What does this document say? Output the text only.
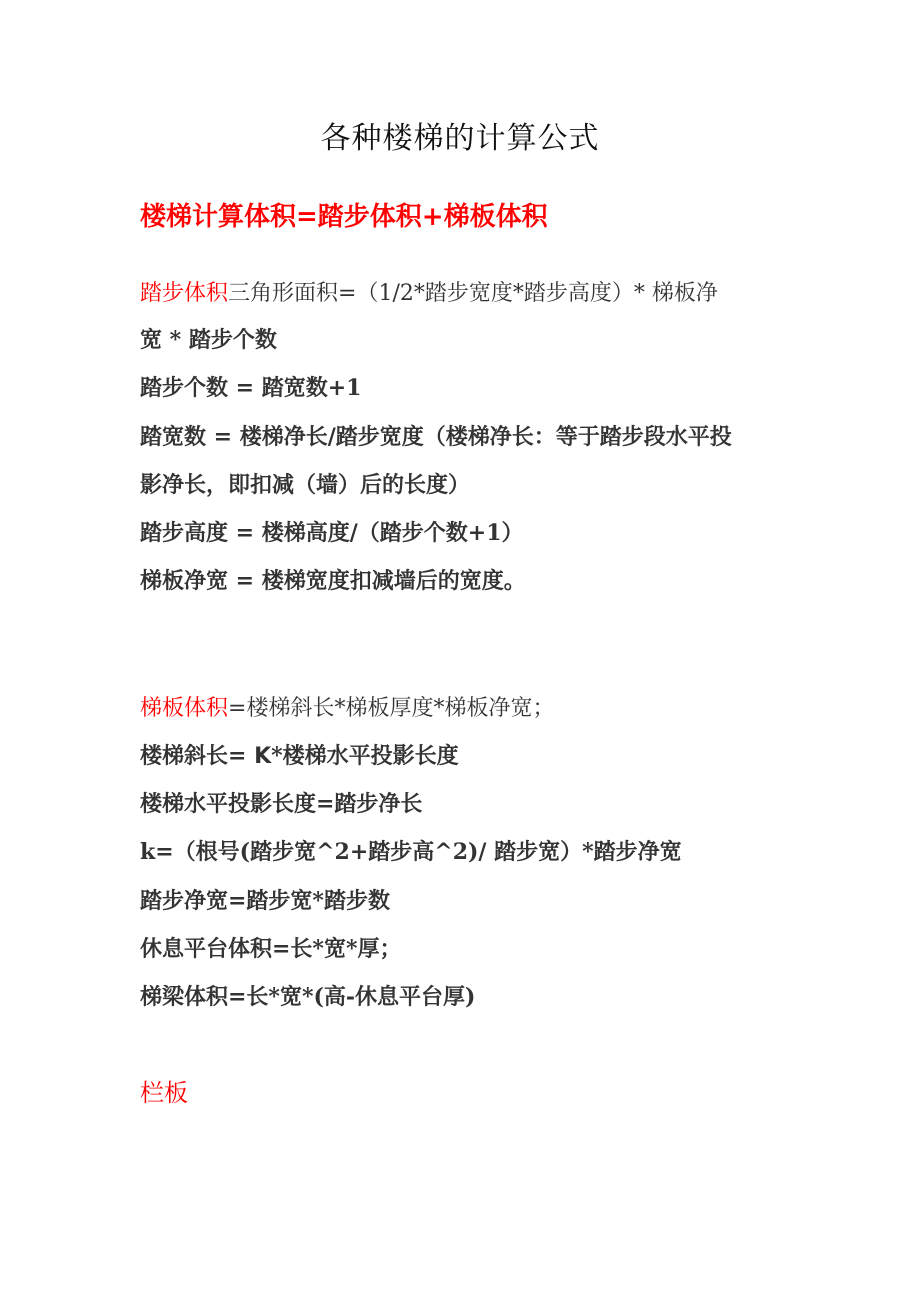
各种楼梯的计算公式
楼梯计算体积=踏步体积+梯板体积
踏步体积三角形面积=（1/2*踏步宽度*踏步高度）* 梯板净
宽 * 踏步个数
踏步个数 = 踏宽数+1
踏宽数 = 楼梯净长/踏步宽度（楼梯净长：等于踏步段水平投
影净长，即扣减（墙）后的长度）
踏步高度 = 楼梯高度/（踏步个数+1）
梯板净宽 = 楼梯宽度扣减墙后的宽度。
梯板体积=楼梯斜长*梯板厚度*梯板净宽；
楼梯斜长= K*楼梯水平投影长度
楼梯水平投影长度=踏步净长
k=（根号(踏步宽^2+踏步高^2)/ 踏步宽）*踏步净宽
踏步净宽=踏步宽*踏步数
休息平台体积=长*宽*厚；
梯梁体积=长*宽*(高-休息平台厚)
栏板
